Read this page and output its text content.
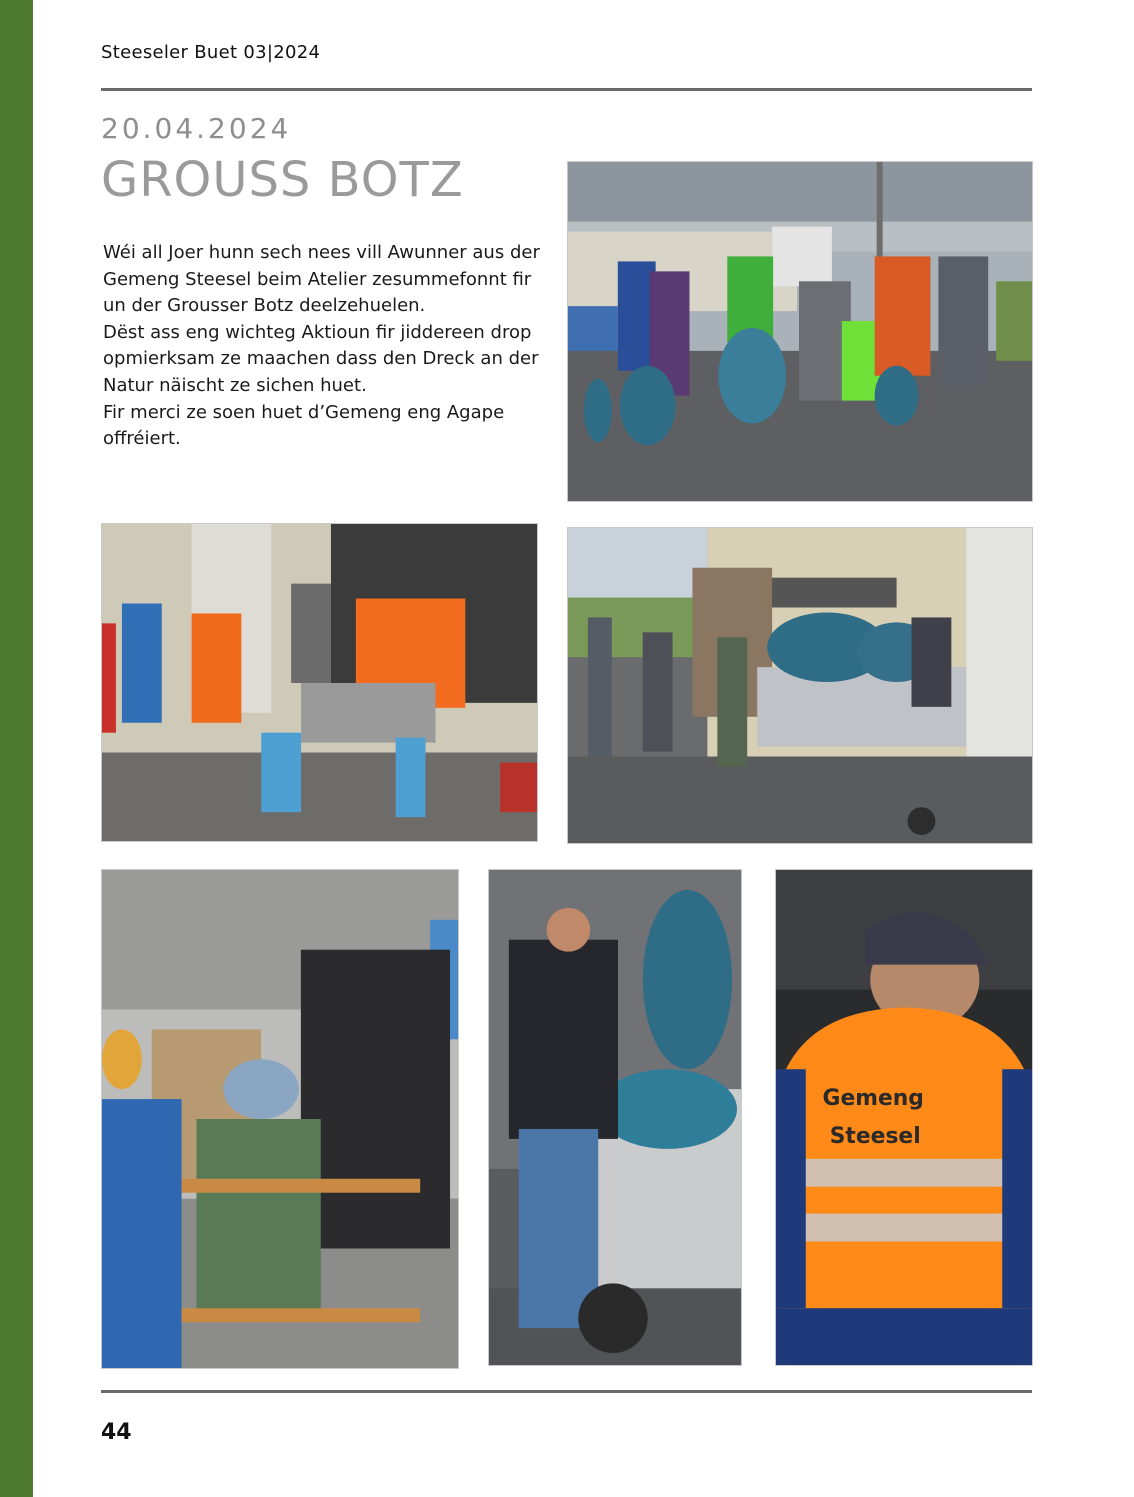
Steeseler Buet 03|2024
20.04.2024
GROUSS BOTZ

Wéi all Joer hunn sech nees vill Awunner aus der Gemeng Steesel beim Atelier zesummefonnt fir un der Grousser Botz deelzehuelen.

Dëst ass eng wichteg Aktioun fir jiddereen drop opmierksam ze maachen dass den Dreck an der Natur näischt ze sichen huet.

Fir merci ze soen huet d’Gemeng eng Agape offréiert.

Gemeng
Steesel
44
